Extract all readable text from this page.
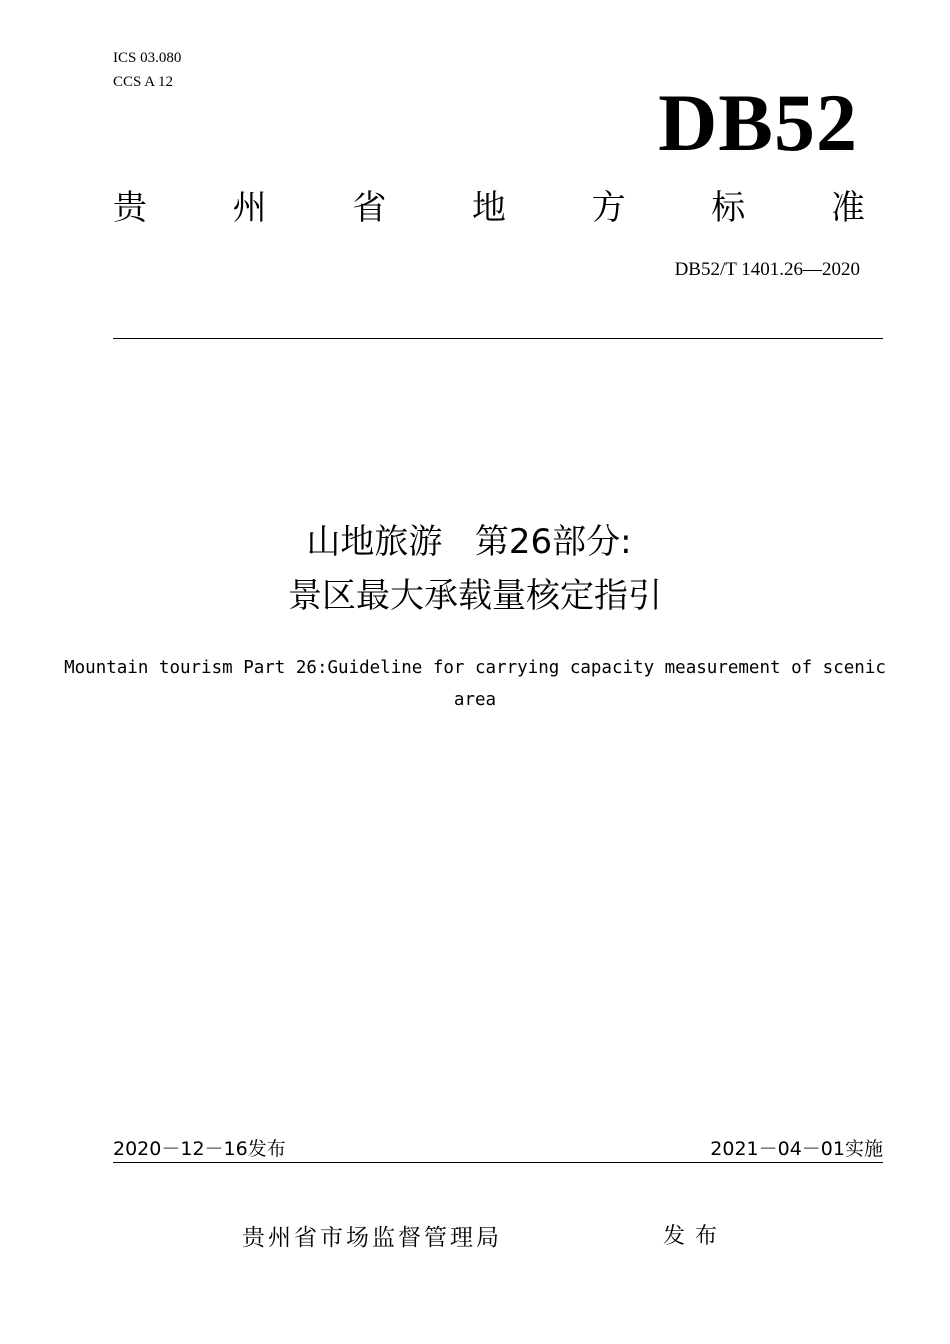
ICS 03.080
CCS A 12	DB52
贵	州	省	地	方	标	准
DB52/T 1401.26—2020
山地旅游   第26部分:
景区最大承载量核定指引
Mountain tourism Part 26:Guideline for carrying capacity measurement of scenic area
2020－12－16发布	2021－04－01实施
贵州省市场监督管理局	发布
